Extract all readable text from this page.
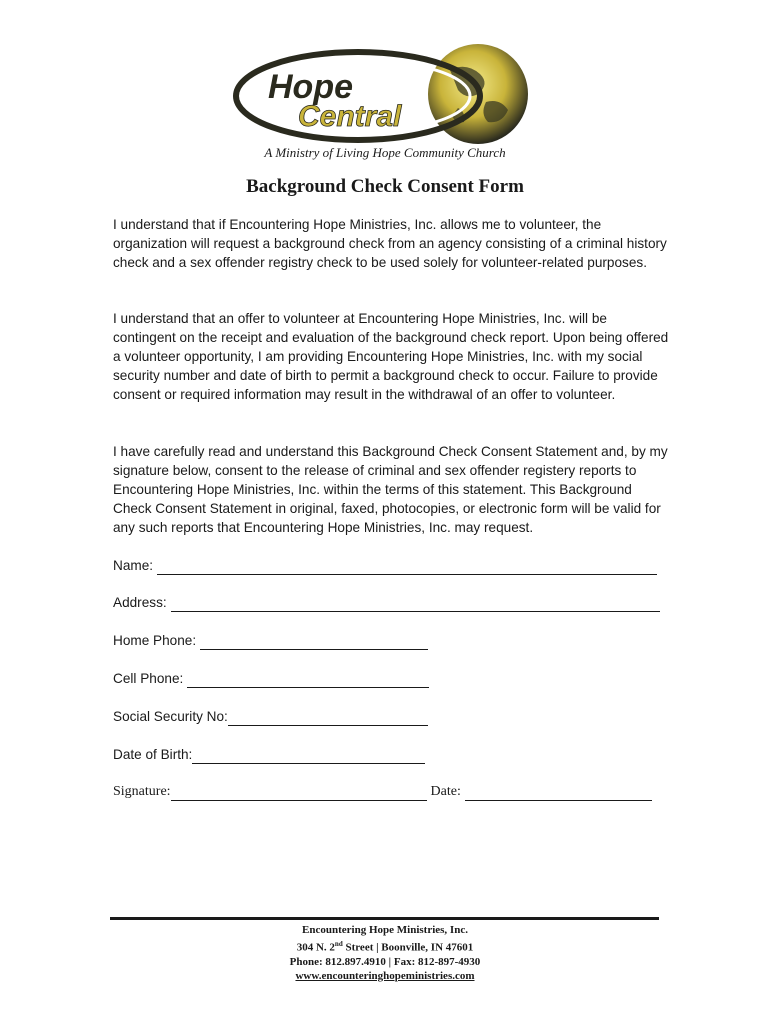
Hope
Central
A Ministry of Living Hope Community Church
Background Check Consent Form

I understand that if Encountering Hope Ministries, Inc. allows me to volunteer, the organization will request a background check from an agency consisting of a criminal history check and a sex offender registry check to be used solely for volunteer-related purposes.

I understand that an offer to volunteer at Encountering Hope Ministries, Inc. will be contingent on the receipt and evaluation of the background check report. Upon being offered a volunteer opportunity, I am providing Encountering Hope Ministries, Inc. with my social security number and date of birth to permit a background check to occur. Failure to provide consent or required information may result in the withdrawal of an offer to volunteer.

I have carefully read and understand this Background Check Consent Statement and, by my signature below, consent to the release of criminal and sex offender registery reports to Encountering Hope Ministries, Inc. within the terms of this statement. This Background Check Consent Statement in original, faxed, photocopies, or electronic form will be valid for any such reports that Encountering Hope Ministries, Inc. may request.

Name:
Address:
Home Phone:
Cell Phone:
Social Security No:
Date of Birth:
Signature:	Date:
Encountering Hope Ministries, Inc.
304 N. 2nd Street | Boonville, IN 47601
Phone: 812.897.4910 | Fax: 812-897-4930
www.encounteringhopeministries.com
